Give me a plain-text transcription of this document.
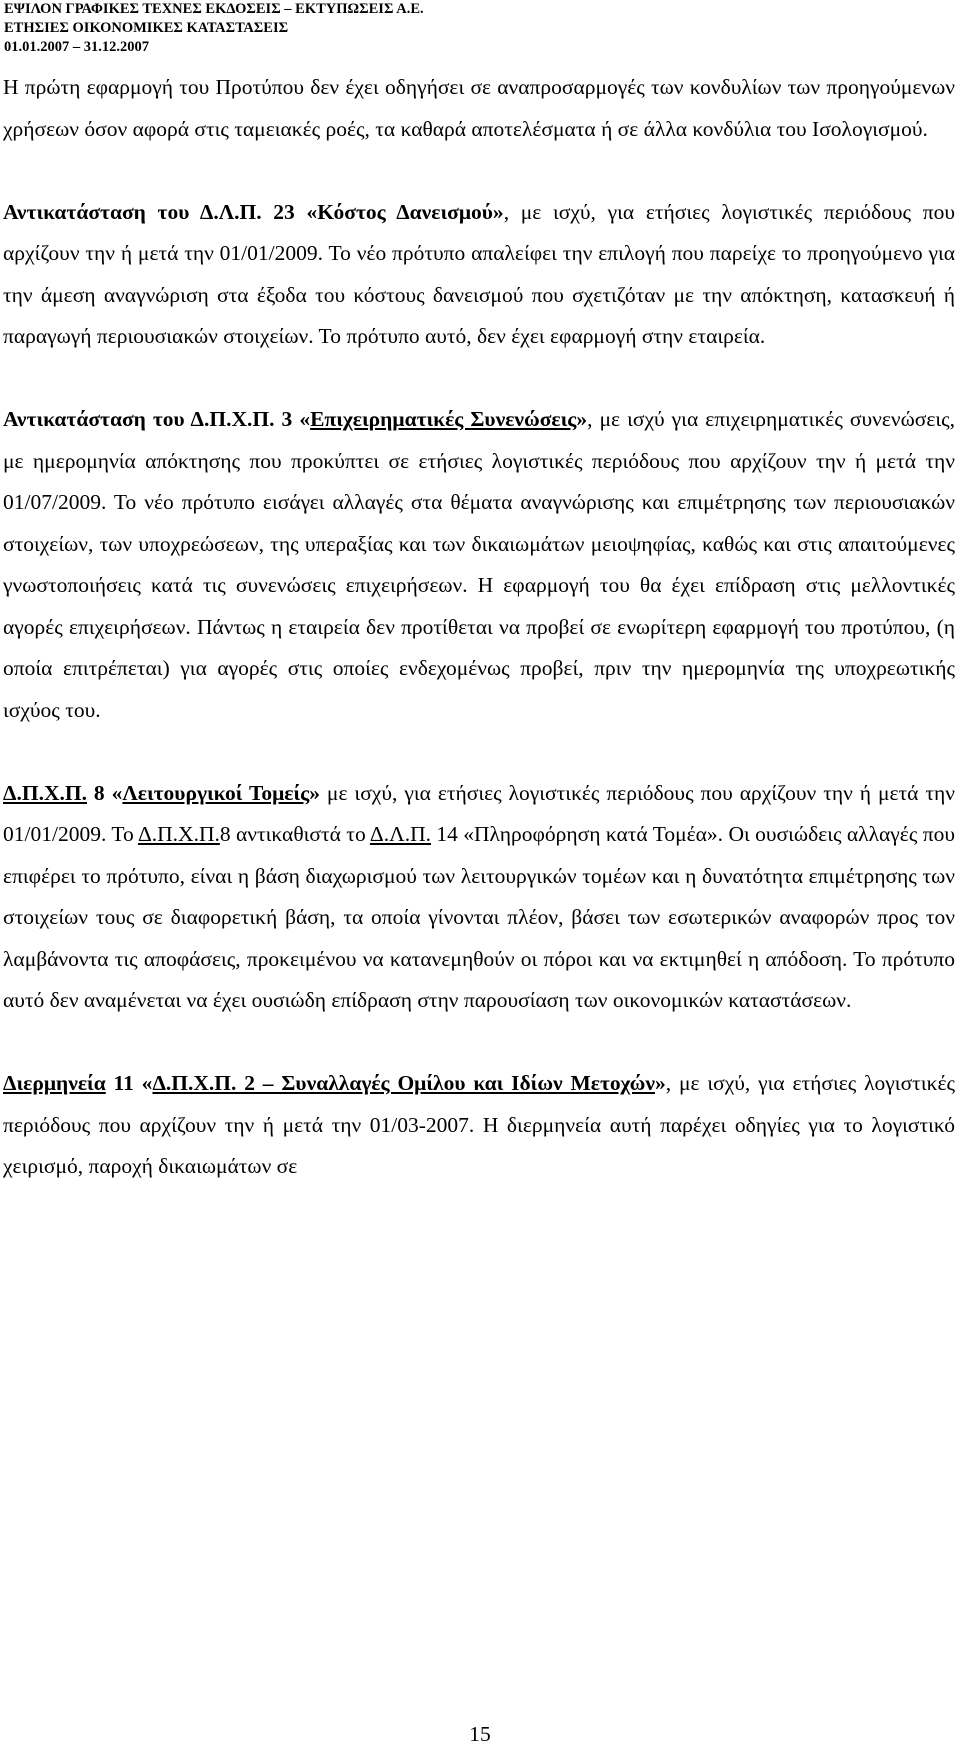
ΕΨΙΛΟΝ ΓΡΑΦΙΚΕΣ ΤΕΧΝΕΣ ΕΚΔΟΣΕΙΣ – ΕΚΤΥΠΩΣΕΙΣ Α.Ε.
ΕΤΗΣΙΕΣ ΟΙΚΟΝΟΜΙΚΕΣ ΚΑΤΑΣΤΑΣΕΙΣ
01.01.2007 – 31.12.2007

Η πρώτη εφαρμογή του Προτύπου δεν έχει οδηγήσει σε αναπροσαρμογές των κονδυλίων των προηγούμενων χρήσεων όσον αφορά στις ταμειακές ροές, τα καθαρά αποτελέσματα ή σε άλλα κονδύλια του Ισολογισμού.

Αντικατάσταση του Δ.Λ.Π. 23 «Κόστος Δανεισμού», με ισχύ, για ετήσιες λογιστικές περιόδους που αρχίζουν την ή μετά την 01/01/2009. Το νέο πρότυπο απαλείφει την επιλογή που παρείχε το προηγούμενο για την άμεση αναγνώριση στα έξοδα του κόστους δανεισμού που σχετιζόταν με την απόκτηση, κατασκευή ή παραγωγή περιουσιακών στοιχείων. Το πρότυπο αυτό, δεν έχει εφαρμογή στην εταιρεία.

Αντικατάσταση του Δ.Π.Χ.Π. 3 «Επιχειρηματικές Συνενώσεις», με ισχύ για επιχειρηματικές συνενώσεις, με ημερομηνία απόκτησης που προκύπτει σε ετήσιες λογιστικές περιόδους που αρχίζουν την ή μετά την 01/07/2009. Το νέο πρότυπο εισάγει αλλαγές στα θέματα αναγνώρισης και επιμέτρησης των περιουσιακών στοιχείων, των υποχρεώσεων, της υπεραξίας και των δικαιωμάτων μειοψηφίας, καθώς και στις απαιτούμενες γνωστοποιήσεις κατά τις συνενώσεις επιχειρήσεων. Η εφαρμογή του θα έχει επίδραση στις μελλοντικές αγορές επιχειρήσεων. Πάντως η εταιρεία δεν προτίθεται να προβεί σε ενωρίτερη εφαρμογή του προτύπου, (η οποία επιτρέπεται) για αγορές στις οποίες ενδεχομένως προβεί, πριν την ημερομηνία της υποχρεωτικής ισχύος του.

Δ.Π.Χ.Π. 8 «Λειτουργικοί Τομείς» με ισχύ, για ετήσιες λογιστικές περιόδους που αρχίζουν την ή μετά την 01/01/2009. Το Δ.Π.Χ.Π.8 αντικαθιστά το Δ.Λ.Π. 14 «Πληροφόρηση κατά Τομέα». Οι ουσιώδεις αλλαγές που επιφέρει το πρότυπο, είναι η βάση διαχωρισμού των λειτουργικών τομέων και η δυνατότητα επιμέτρησης των στοιχείων τους σε διαφορετική βάση, τα οποία γίνονται πλέον, βάσει των εσωτερικών αναφορών προς τον λαμβάνοντα τις αποφάσεις, προκειμένου να κατανεμηθούν οι πόροι και να εκτιμηθεί η απόδοση. Το πρότυπο αυτό δεν αναμένεται να έχει ουσιώδη επίδραση στην παρουσίαση των οικονομικών καταστάσεων.

Διερμηνεία 11 «Δ.Π.Χ.Π. 2 – Συναλλαγές Ομίλου και Ιδίων Μετοχών», με ισχύ, για ετήσιες λογιστικές περιόδους που αρχίζουν την ή μετά την 01/03-2007. Η διερμηνεία αυτή παρέχει οδηγίες για το λογιστικό χειρισμό, παροχή δικαιωμάτων σε

15
